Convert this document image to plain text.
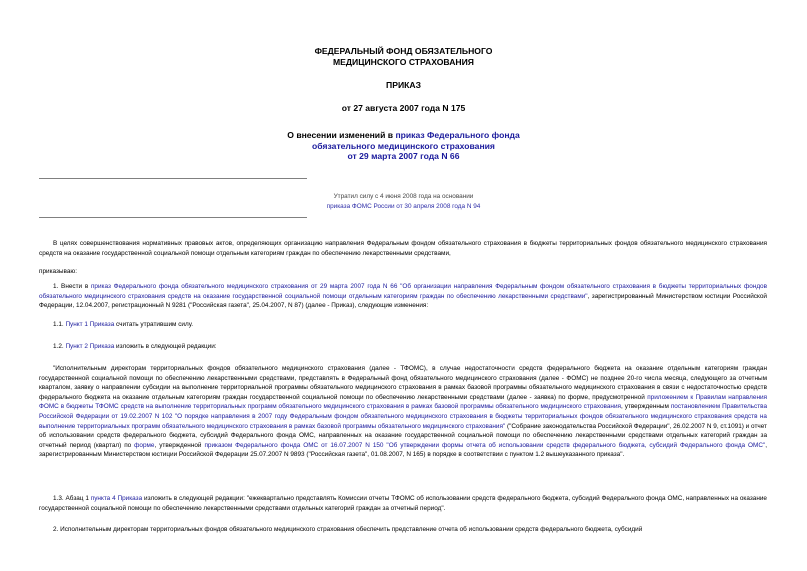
ФЕДЕРАЛЬНЫЙ ФОНД ОБЯЗАТЕЛЬНОГО
МЕДИЦИНСКОГО СТРАХОВАНИЯ
ПРИКАЗ
от 27 августа 2007 года N 175
О внесении изменений в приказ Федерального фонда
обязательного медицинского страхования
от 29 марта 2007 года N 66
Утратил силу с 4 июня 2008 года на основании
приказа ФОМС России от 30 апреля 2008 года N 94

В целях совершенствования нормативных правовых актов, определяющих организацию направления Федеральным фондом обязательного страхования в бюджеты территориальных фондов обязательного медицинского страхования средств на оказание государственной социальной помощи отдельным категориям граждан по обеспечению лекарственными средствами,

приказываю:

1. Внести в приказ Федерального фонда обязательного медицинского страхования от 29 марта 2007 года N 66 "Об организации направления Федеральным фондом обязательного страхования в бюджеты территориальных фондов обязательного медицинского страхования средств на оказание государственной социальной помощи отдельным категориям граждан по обеспечению лекарственными средствами", зарегистрированный Министерством юстиции Российской Федерации, 12.04.2007, регистрационный N 9281 ("Российская газета", 25.04.2007, N 87) (далее - Приказ), следующие изменения:

1.1. Пункт 1 Приказа считать утратившим силу.

1.2. Пункт 2 Приказа изложить в следующей редакции:

"Исполнительным директорам территориальных фондов обязательного медицинского страхования (далее - ТФОМС), в случае недостаточности средств федерального бюджета на оказание отдельным категориям граждан государственной социальной помощи по обеспечению лекарственными средствами, представлять в Федеральный фонд обязательного медицинского страхования (далее - ФОМС) не позднее 20-го числа месяца, следующего за отчетным кварталом, заявку о направлении субсидии на выполнение территориальной программы обязательного медицинского страхования в рамках базовой программы обязательного медицинского страхования в связи с недостаточностью средств федерального бюджета на оказание отдельным категориям граждан государственной социальной помощи по обеспечению лекарственными средствами (далее - заявка) по форме, предусмотренной приложением к Правилам направления ФОМС в бюджеты ТФОМС средств на выполнение территориальных программ обязательного медицинского страхования в рамках базовой программы обязательного медицинского страхования, утвержденным постановлением Правительства Российской Федерации от 19.02.2007 N 102 "О порядке направления в 2007 году Федеральным фондом обязательного медицинского страхования в бюджеты территориальных фондов обязательного медицинского страхования средств на выполнение территориальных программ обязательного медицинского страхования в рамках базовой программы обязательного медицинского страхования" ("Собрание законодательства Российской Федерации", 26.02.2007 N 9, ст.1091) и отчет об использовании средств федерального бюджета, субсидий Федерального фонда ОМС, направленных на оказание государственной социальной помощи по обеспечению лекарственными средствами отдельных категорий граждан за отчетный период (квартал) по форме, утвержденной приказом Федерального фонда ОМС от 16.07.2007 N 150 "Об утверждении формы отчета об использовании средств федерального бюджета, субсидий Федерального фонда ОМС", зарегистрированным Министерством юстиции Российской Федерации 25.07.2007 N 9893 ("Российская газета", 01.08.2007, N 165) в порядке в соответствии с пунктом 1.2 вышеуказанного приказа".

1.3. Абзац 1 пункта 4 Приказа изложить в следующей редакции: "ежеквартально представлять Комиссии отчеты ТФОМС об использовании средств федерального бюджета, субсидий Федерального фонда ОМС, направленных на оказание государственной социальной помощи по обеспечению лекарственными средствами отдельных категорий граждан за отчетный период".

2. Исполнительным директорам территориальных фондов обязательного медицинского страхования обеспечить представление отчета об использовании средств федерального бюджета, субсидий
